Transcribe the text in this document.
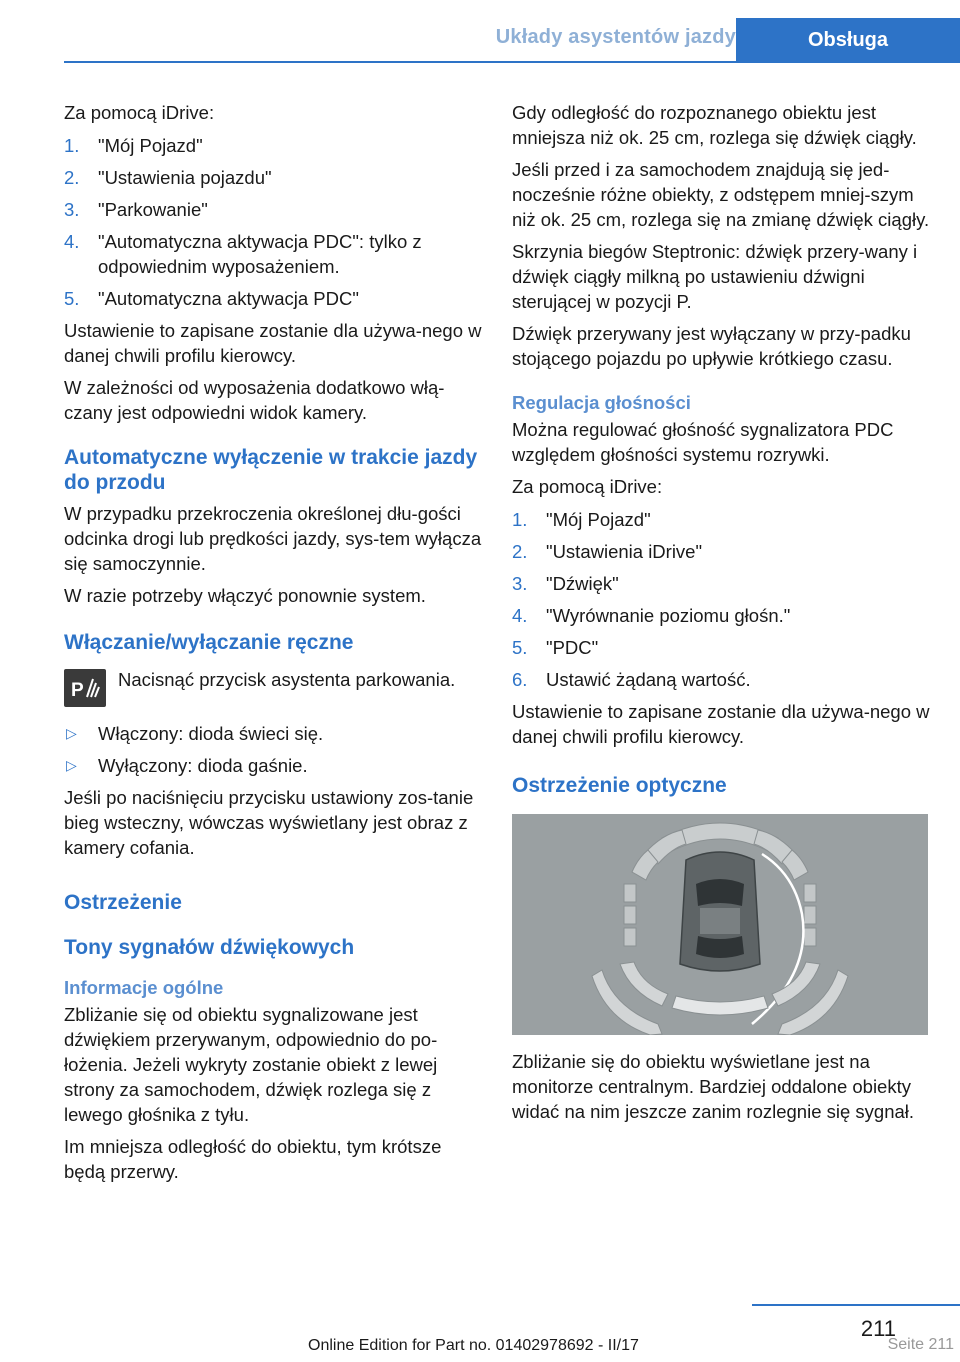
Układy asystentów jazdy	Obsługa
Za pomocą iDrive:
1.	"Mój Pojazd"
2.	"Ustawienia pojazdu"
3.	"Parkowanie"
4.	"Automatyczna aktywacja PDC": tylko z odpowiednim wyposażeniem.
5.	"Automatyczna aktywacja PDC"
Ustawienie to zapisane zostanie dla używa-nego w danej chwili profilu kierowcy.
W zależności od wyposażenia dodatkowo włą-czany jest odpowiedni widok kamery.
Automatyczne wyłączenie w trakcie jazdy do przodu
W przypadku przekroczenia określonej dłu-gości odcinka drogi lub prędkości jazdy, sys-tem wyłącza się samoczynnie.
W razie potrzeby włączyć ponownie system.
Włączanie/wyłączanie ręczne
P
Nacisnąć przycisk asystenta parkowania.
▷	Włączony: dioda świeci się.
▷	Wyłączony: dioda gaśnie.
Jeśli po naciśnięciu przycisku ustawiony zos-tanie bieg wsteczny, wówczas wyświetlany jest obraz z kamery cofania.
Ostrzeżenie
Tony sygnałów dźwiękowych
Informacje ogólne
Zbliżanie się od obiektu sygnalizowane jest dźwiękiem przerywanym, odpowiednio do po-łożenia. Jeżeli wykryty zostanie obiekt z lewej strony za samochodem, dźwięk rozlega się z lewego głośnika z tyłu.
Im mniejsza odległość do obiektu, tym krótsze będą przerwy.
Gdy odległość do rozpoznanego obiektu jest mniejsza niż ok. 25 cm, rozlega się dźwięk ciągły.
Jeśli przed i za samochodem znajdują się jed-nocześnie różne obiekty, z odstępem mniej-szym niż ok. 25 cm, rozlega się na zmianę dźwięk ciągły.
Skrzynia biegów Steptronic: dźwięk przery-wany i dźwięk ciągły milkną po ustawieniu dźwigni sterującej w pozycji P.
Dźwięk przerywany jest wyłączany w przy-padku stojącego pojazdu po upływie krótkiego czasu.
Regulacja głośności
Można regulować głośność sygnalizatora PDC względem głośności systemu rozrywki.
Za pomocą iDrive:
1.	"Mój Pojazd"
2.	"Ustawienia iDrive"
3.	"Dźwięk"
4.	"Wyrównanie poziomu głośn."
5.	"PDC"
6.	Ustawić żądaną wartość.
Ustawienie to zapisane zostanie dla używa-nego w danej chwili profilu kierowcy.
Ostrzeżenie optyczne
Zbliżanie się do obiektu wyświetlane jest na monitorze centralnym. Bardziej oddalone obiekty widać na nim jeszcze zanim rozlegnie się sygnał.
211
Seite 211
Online Edition for Part no. 01402978692 - II/17
